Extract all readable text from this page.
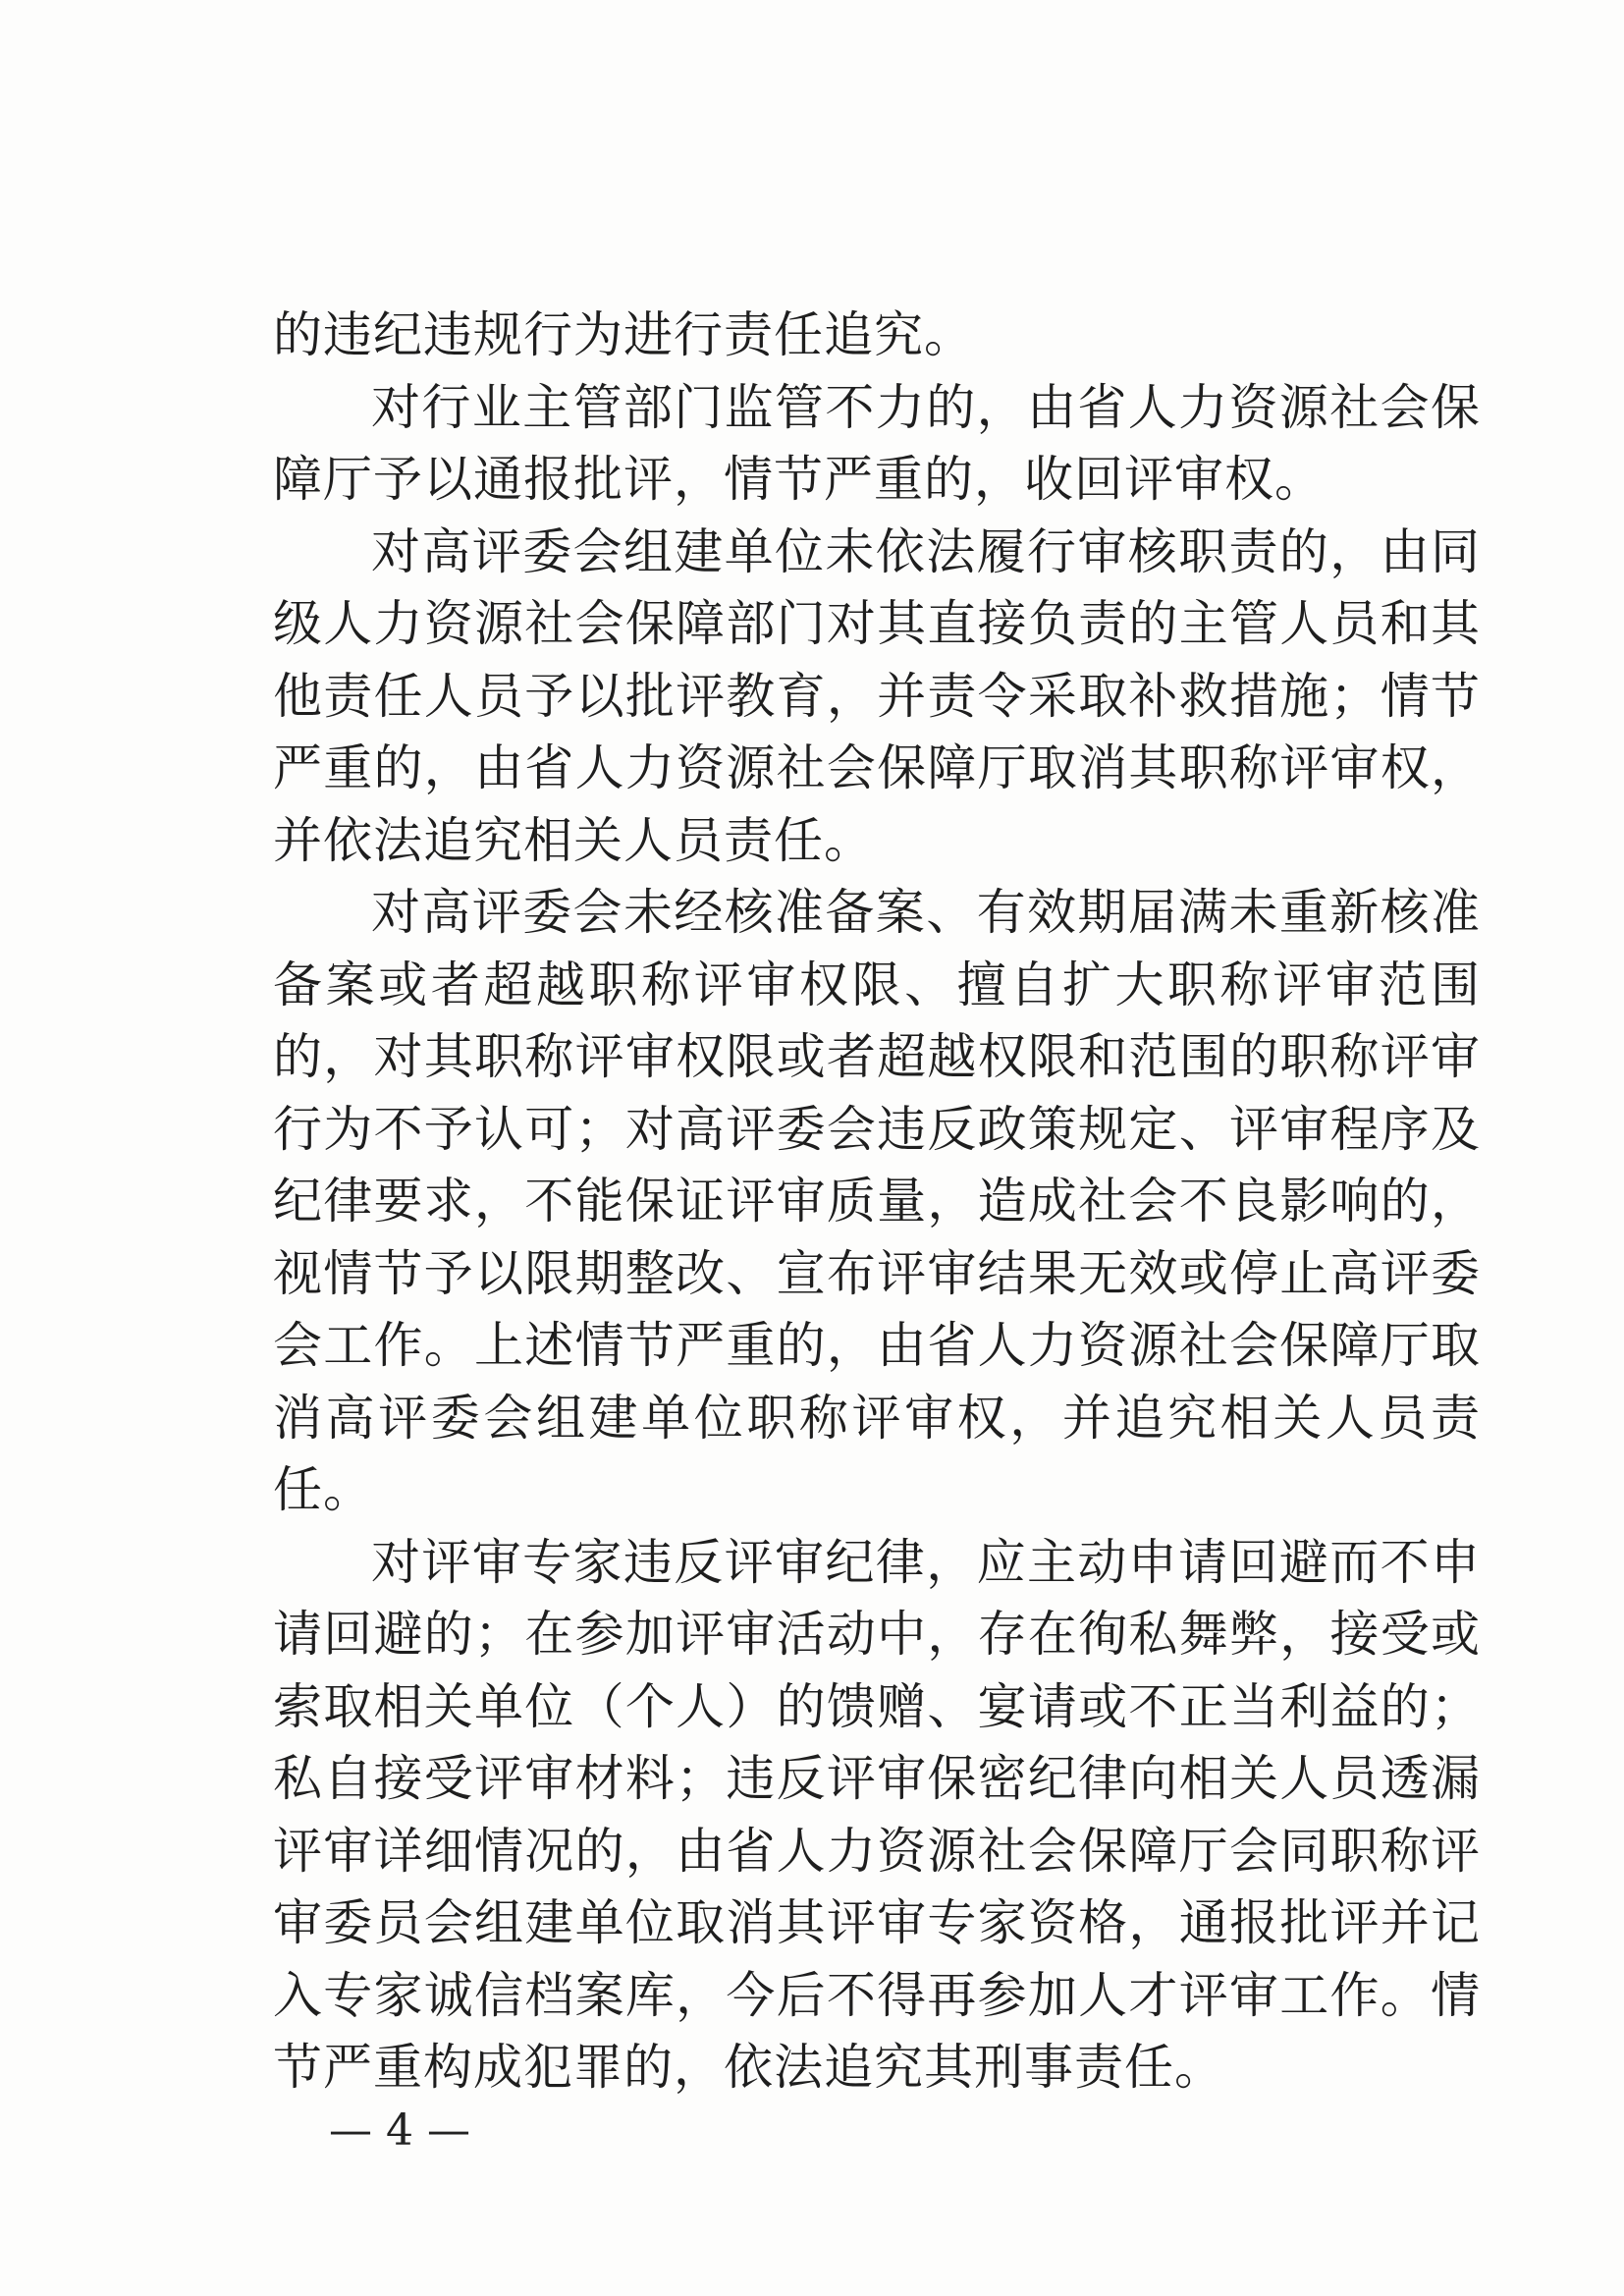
的违纪违规行为进行责任追究。

对行业主管部门监管不力的，由省人力资源社会保障厅予以通报批评，情节严重的，收回评审权。

对高评委会组建单位未依法履行审核职责的，由同级人力资源社会保障部门对其直接负责的主管人员和其他责任人员予以批评教育，并责令采取补救措施；情节严重的，由省人力资源社会保障厅取消其职称评审权，并依法追究相关人员责任。

对高评委会未经核准备案、有效期届满未重新核准备案或者超越职称评审权限、擅自扩大职称评审范围的，对其职称评审权限或者超越权限和范围的职称评审行为不予认可；对高评委会违反政策规定、评审程序及纪律要求，不能保证评审质量，造成社会不良影响的，视情节予以限期整改、宣布评审结果无效或停止高评委会工作。上述情节严重的，由省人力资源社会保障厅取消高评委会组建单位职称评审权，并追究相关人员责任。

对评审专家违反评审纪律，应主动申请回避而不申请回避的；在参加评审活动中，存在徇私舞弊，接受或索取相关单位（个人）的馈赠、宴请或不正当利益的；私自接受评审材料；违反评审保密纪律向相关人员透漏评审详细情况的，由省人力资源社会保障厅会同职称评审委员会组建单位取消其评审专家资格，通报批评并记入专家诚信档案库，今后不得再参加人才评审工作。情节严重构成犯罪的，依法追究其刑事责任。

— 4 —
